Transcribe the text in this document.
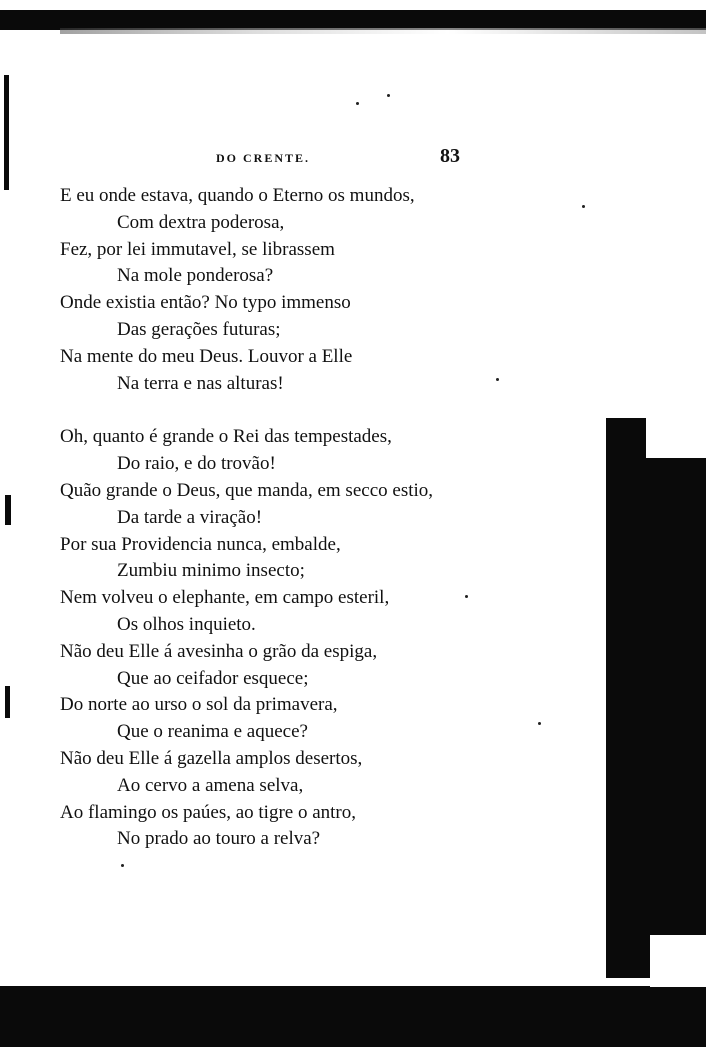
DO CRENTE.	83
E eu onde estava, quando o Eterno os mundos,
Com dextra poderosa,
Fez, por lei immutavel, se librassem
Na mole ponderosa?
Onde existia então? No typo immenso
Das gerações futuras;
Na mente do meu Deus. Louvor a Elle
Na terra e nas alturas!
Oh, quanto é grande o Rei das tempestades,
Do raio, e do trovão!
Quão grande o Deus, que manda, em secco estio,
Da tarde a viração!
Por sua Providencia nunca, embalde,
Zumbiu minimo insecto;
Nem volveu o elephante, em campo esteril,
Os olhos inquieto.
Não deu Elle á avesinha o grão da espiga,
Que ao ceifador esquece;
Do norte ao urso o sol da primavera,
Que o reanima e aquece?
Não deu Elle á gazella amplos desertos,
Ao cervo a amena selva,
Ao flamingo os paúes, ao tigre o antro,
No prado ao touro a relva?
